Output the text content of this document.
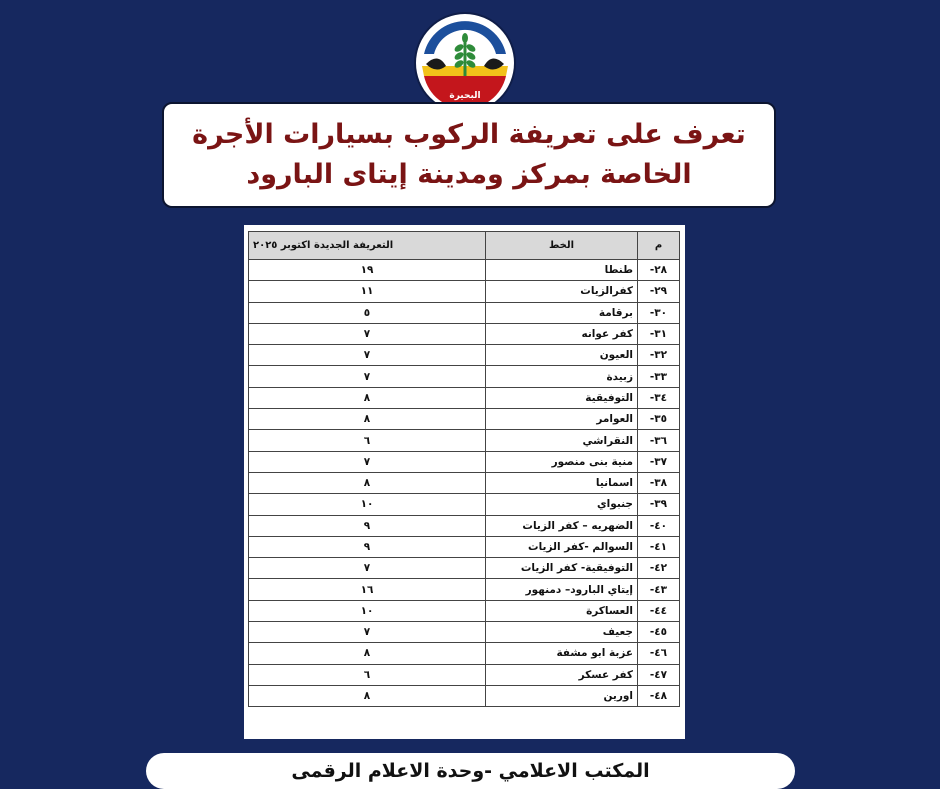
البحيرة
تعرف على تعريفة الركوب بسيارات الأجرة
الخاصة بمركز ومدينة إيتاى البارود
م	الخط	التعريفة الجديدة اكتوبر ٢٠٢٥
٢٨-	طنطا	١٩
٢٩-	كفرالزيات	١١
٣٠-	برقامة	٥
٣١-	كفر عوانه	٧
٣٢-	العيون	٧
٣٣-	زبيدة	٧
٣٤-	التوفيقية	٨
٣٥-	العوامر	٨
٣٦-	النقراشي	٦
٣٧-	منية بنى منصور	٧
٣٨-	اسمانيا	٨
٣٩-	جنبواي	١٠
٤٠-	الضهريه – كفر الزيات	٩
٤١-	السوالم -كفر الزيات	٩
٤٢-	التوفيقية- كفر الزيات	٧
٤٣-	إيتاي البارود– دمنهور	١٦
٤٤-	العساكرة	١٠
٤٥-	جعيف	٧
٤٦-	عزبة ابو مشفة	٨
٤٧-	كفر عسكر	٦
٤٨-	اورين	٨
المكتب الاعلامي -وحدة الاعلام الرقمى
